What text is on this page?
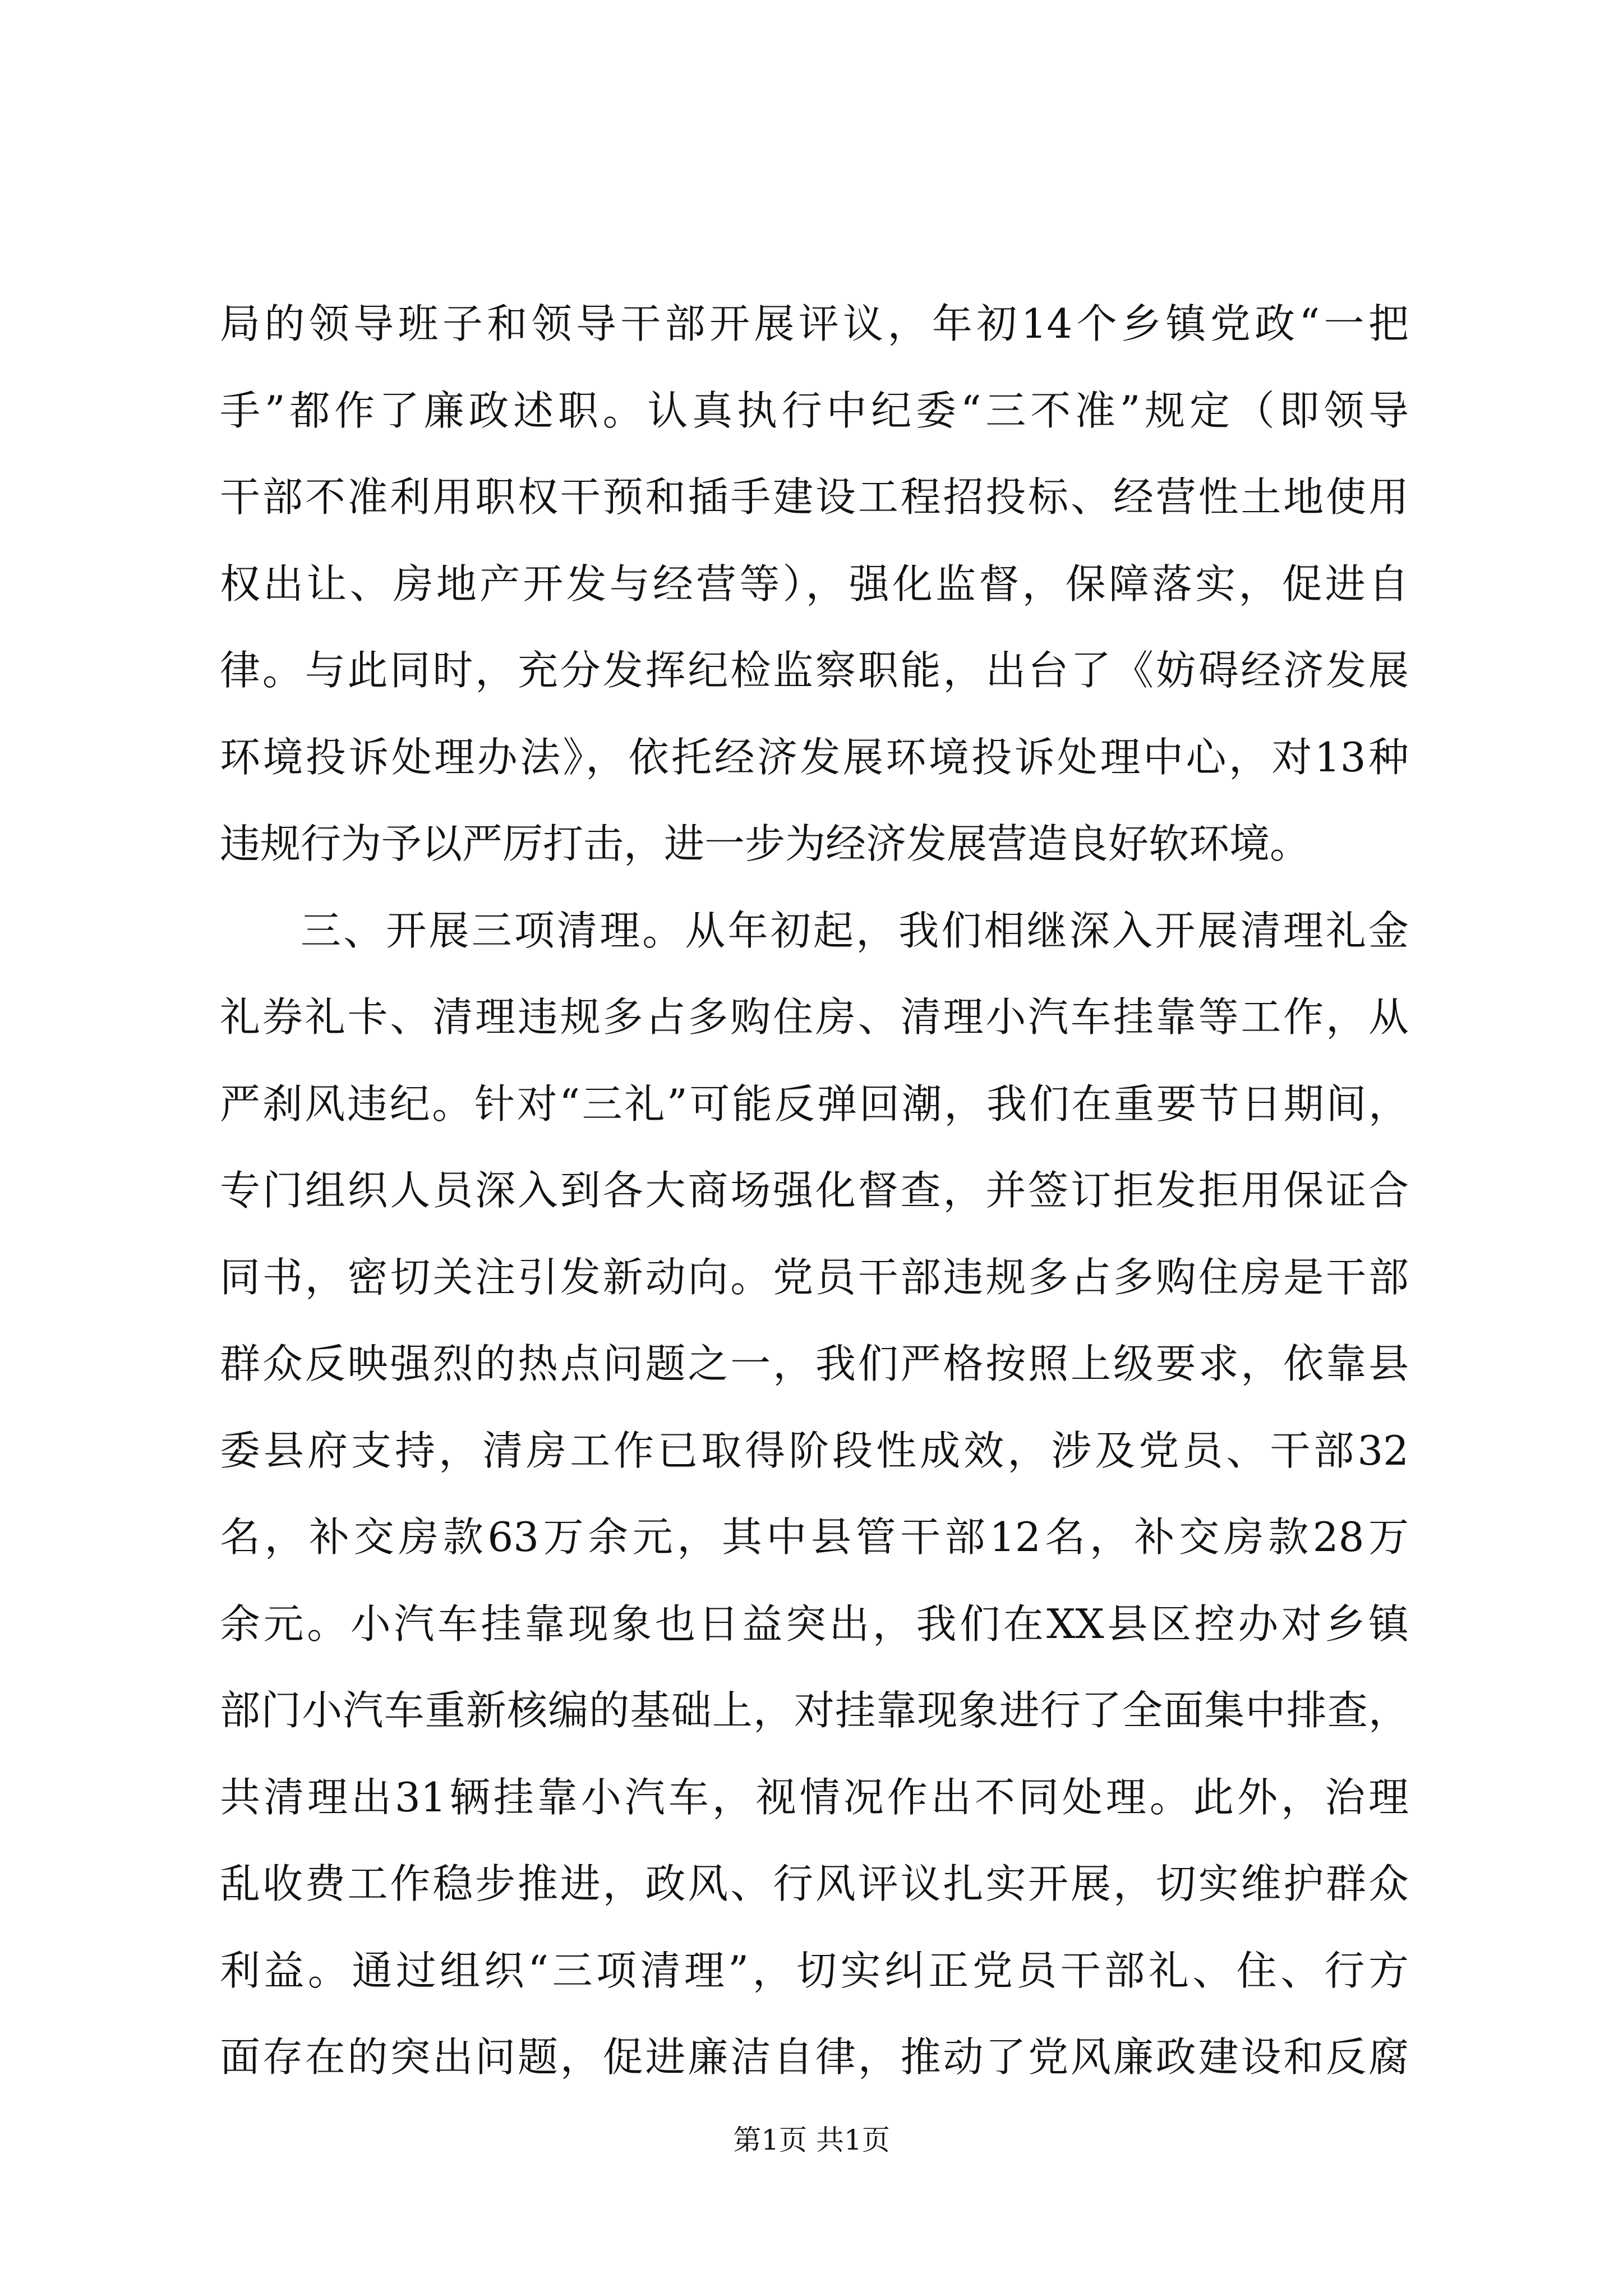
局的领导班子和领导干部开展评议，年初14个乡镇党政“一把
手”都作了廉政述职。认真执行中纪委“三不准”规定（即领导
干部不准利用职权干预和插手建设工程招投标、经营性土地使用
权出让、房地产开发与经营等），强化监督，保障落实，促进自
律。与此同时，充分发挥纪检监察职能，出台了《妨碍经济发展
环境投诉处理办法》，依托经济发展环境投诉处理中心，对13种
违规行为予以严厉打击，进一步为经济发展营造良好软环境。
三、开展三项清理。从年初起，我们相继深入开展清理礼金
礼券礼卡、清理违规多占多购住房、清理小汽车挂靠等工作，从
严刹风违纪。针对“三礼”可能反弹回潮，我们在重要节日期间，
专门组织人员深入到各大商场强化督查，并签订拒发拒用保证合
同书，密切关注引发新动向。党员干部违规多占多购住房是干部
群众反映强烈的热点问题之一，我们严格按照上级要求，依靠县
委县府支持，清房工作已取得阶段性成效，涉及党员、干部32
名，补交房款63万余元，其中县管干部12名，补交房款28万
余元。小汽车挂靠现象也日益突出，我们在XX县区控办对乡镇
部门小汽车重新核编的基础上，对挂靠现象进行了全面集中排查，
共清理出31辆挂靠小汽车，视情况作出不同处理。此外，治理
乱收费工作稳步推进，政风、行风评议扎实开展，切实维护群众
利益。通过组织“三项清理”，切实纠正党员干部礼、住、行方
面存在的突出问题，促进廉洁自律，推动了党风廉政建设和反腐
第1页 共1页
